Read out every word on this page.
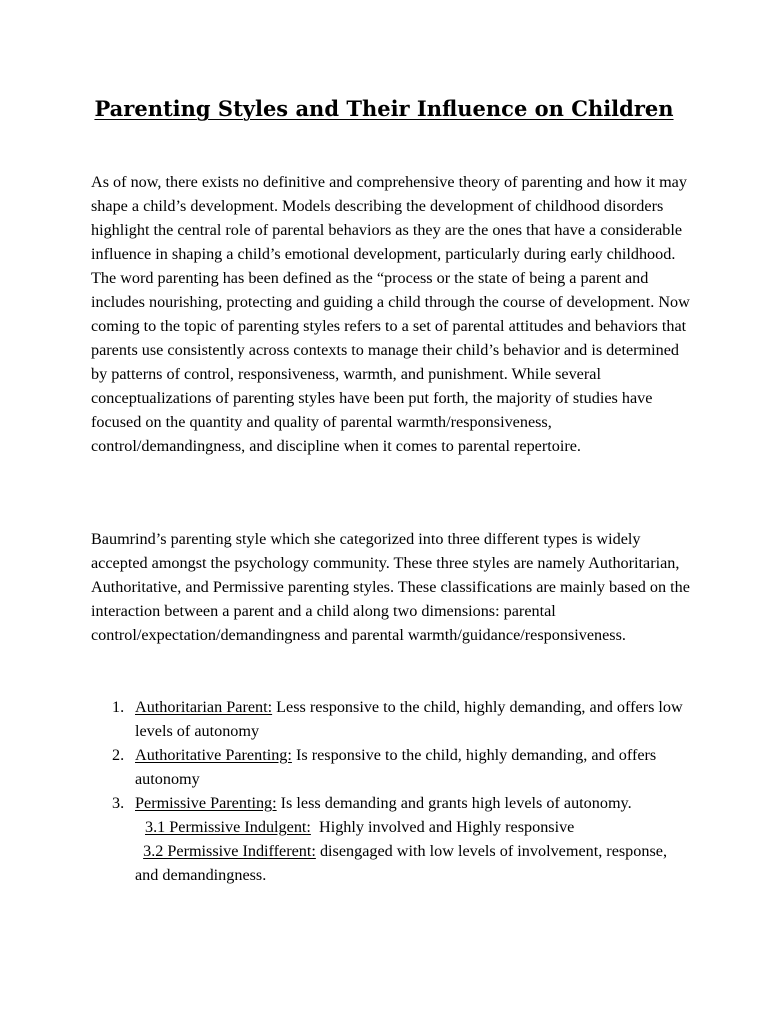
Parenting Styles and Their Influence on Children

As of now, there exists no definitive and comprehensive theory of parenting and how it may shape a child’s development. Models describing the development of childhood disorders highlight the central role of parental behaviors as they are the ones that have a considerable influence in shaping a child’s emotional development, particularly during early childhood. The word parenting has been defined as the “process or the state of being a parent and includes nourishing, protecting and guiding a child through the course of development. Now coming to the topic of parenting styles refers to a set of parental attitudes and behaviors that parents use consistently across contexts to manage their child’s behavior and is determined by patterns of control, responsiveness, warmth, and punishment. While several conceptualizations of parenting styles have been put forth, the majority of studies have focused on the quantity and quality of parental warmth/responsiveness, control/demandingness, and discipline when it comes to parental repertoire.

Baumrind’s parenting style which she categorized into three different types is widely accepted amongst the psychology community. These three styles are namely Authoritarian, Authoritative, and Permissive parenting styles. These classifications are mainly based on the interaction between a parent and a child along two dimensions: parental control/expectation/demandingness and parental warmth/guidance/responsiveness.

1. Authoritarian Parent: Less responsive to the child, highly demanding, and offers low levels of autonomy
2. Authoritative Parenting: Is responsive to the child, highly demanding, and offers autonomy
3. Permissive Parenting: Is less demanding and grants high levels of autonomy.
3.1 Permissive Indulgent:  Highly involved and Highly responsive
3.2 Permissive Indifferent: disengaged with low levels of involvement, response, and demandingness.
